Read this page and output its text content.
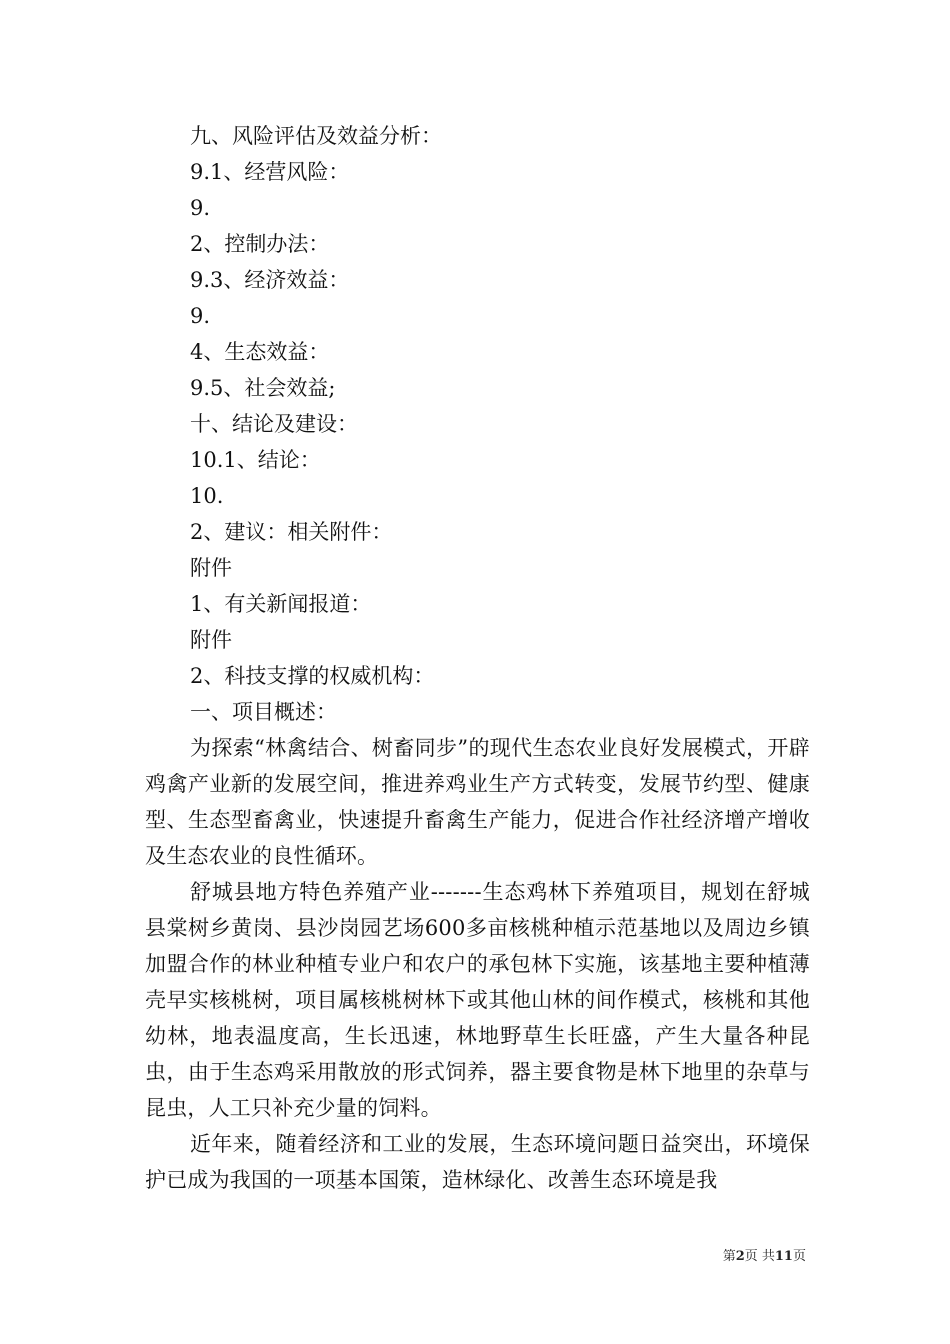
九、风险评估及效益分析：
9.1、经营风险：
9.
2、控制办法：
9.3、经济效益：
9.
4、生态效益：
9.5、社会效益;
十、结论及建设：
10.1、结论：
10.
2、建议：相关附件：
附件
1、有关新闻报道：
附件
2、科技支撑的权威机构：
一、项目概述：
为探索“林禽结合、树畜同步”的现代生态农业良好发展模式，开辟鸡禽产业新的发展空间，推进养鸡业生产方式转变，发展节约型、健康型、生态型畜禽业，快速提升畜禽生产能力，促进合作社经济增产增收及生态农业的良性循环。
舒城县地方特色养殖产业-------生态鸡林下养殖项目，规划在舒城县棠树乡黄岗、县沙岗园艺场600多亩核桃种植示范基地以及周边乡镇加盟合作的林业种植专业户和农户的承包林下实施，该基地主要种植薄壳早实核桃树，项目属核桃树林下或其他山林的间作模式，核桃和其他幼林，地表温度高，生长迅速，林地野草生长旺盛，产生大量各种昆虫，由于生态鸡采用散放的形式饲养，器主要食物是林下地里的杂草与昆虫，人工只补充少量的饲料。
近年来，随着经济和工业的发展，生态环境问题日益突出，环境保护已成为我国的一项基本国策，造林绿化、改善生态环境是我
第2页 共11页
